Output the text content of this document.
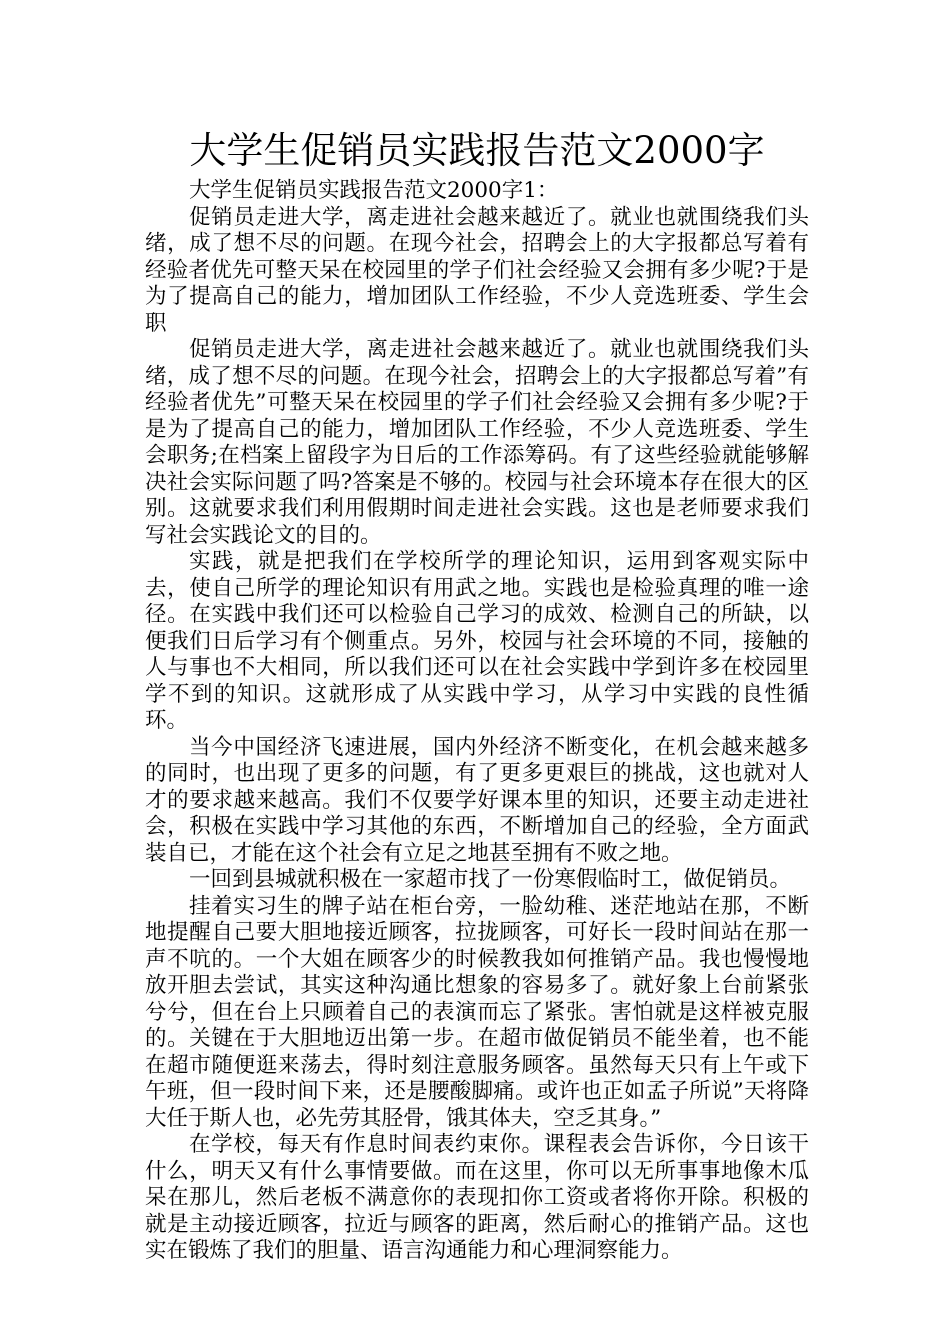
大学生促销员实践报告范文2000字

大学生促销员实践报告范文2000字1：

促销员走进大学，离走进社会越来越近了。就业也就围绕我们头绪，成了想不尽的问题。在现今社会，招聘会上的大字报都总写着有经验者优先可整天呆在校园里的学子们社会经验又会拥有多少呢?于是为了提高自己的能力，增加团队工作经验，不少人竞选班委、学生会职

促销员走进大学，离走进社会越来越近了。就业也就围绕我们头绪，成了想不尽的问题。在现今社会，招聘会上的大字报都总写着”有经验者优先”可整天呆在校园里的学子们社会经验又会拥有多少呢?于是为了提高自己的能力，增加团队工作经验，不少人竞选班委、学生会职务;在档案上留段字为日后的工作添筹码。有了这些经验就能够解决社会实际问题了吗?答案是不够的。校园与社会环境本存在很大的区别。这就要求我们利用假期时间走进社会实践。这也是老师要求我们写社会实践论文的目的。

实践，就是把我们在学校所学的理论知识，运用到客观实际中去，使自己所学的理论知识有用武之地。实践也是检验真理的唯一途径。在实践中我们还可以检验自己学习的成效、检测自己的所缺，以便我们日后学习有个侧重点。另外，校园与社会环境的不同，接触的人与事也不大相同，所以我们还可以在社会实践中学到许多在校园里学不到的知识。这就形成了从实践中学习，从学习中实践的良性循环。

当今中国经济飞速进展，国内外经济不断变化，在机会越来越多的同时，也出现了更多的问题，有了更多更艰巨的挑战，这也就对人才的要求越来越高。我们不仅要学好课本里的知识，还要主动走进社会，积极在实践中学习其他的东西，不断增加自己的经验，全方面武装自已，才能在这个社会有立足之地甚至拥有不败之地。

一回到县城就积极在一家超市找了一份寒假临时工，做促销员。

挂着实习生的牌子站在柜台旁，一脸幼稚、迷茫地站在那，不断地提醒自己要大胆地接近顾客，拉拢顾客，可好长一段时间站在那一声不吭的。一个大姐在顾客少的时候教我如何推销产品。我也慢慢地放开胆去尝试，其实这种沟通比想象的容易多了。就好象上台前紧张兮兮，但在台上只顾着自己的表演而忘了紧张。害怕就是这样被克服的。关键在于大胆地迈出第一步。在超市做促销员不能坐着，也不能在超市随便逛来荡去，得时刻注意服务顾客。虽然每天只有上午或下午班，但一段时间下来，还是腰酸脚痛。或许也正如孟子所说”天将降大任于斯人也，必先劳其胫骨，饿其体夫，空乏其身。”

在学校，每天有作息时间表约束你。课程表会告诉你，今日该干什么，明天又有什么事情要做。而在这里，你可以无所事事地像木瓜呆在那儿，然后老板不满意你的表现扣你工资或者将你开除。积极的就是主动接近顾客，拉近与顾客的距离，然后耐心的推销产品。这也实在锻炼了我们的胆量、语言沟通能力和心理洞察能力。
